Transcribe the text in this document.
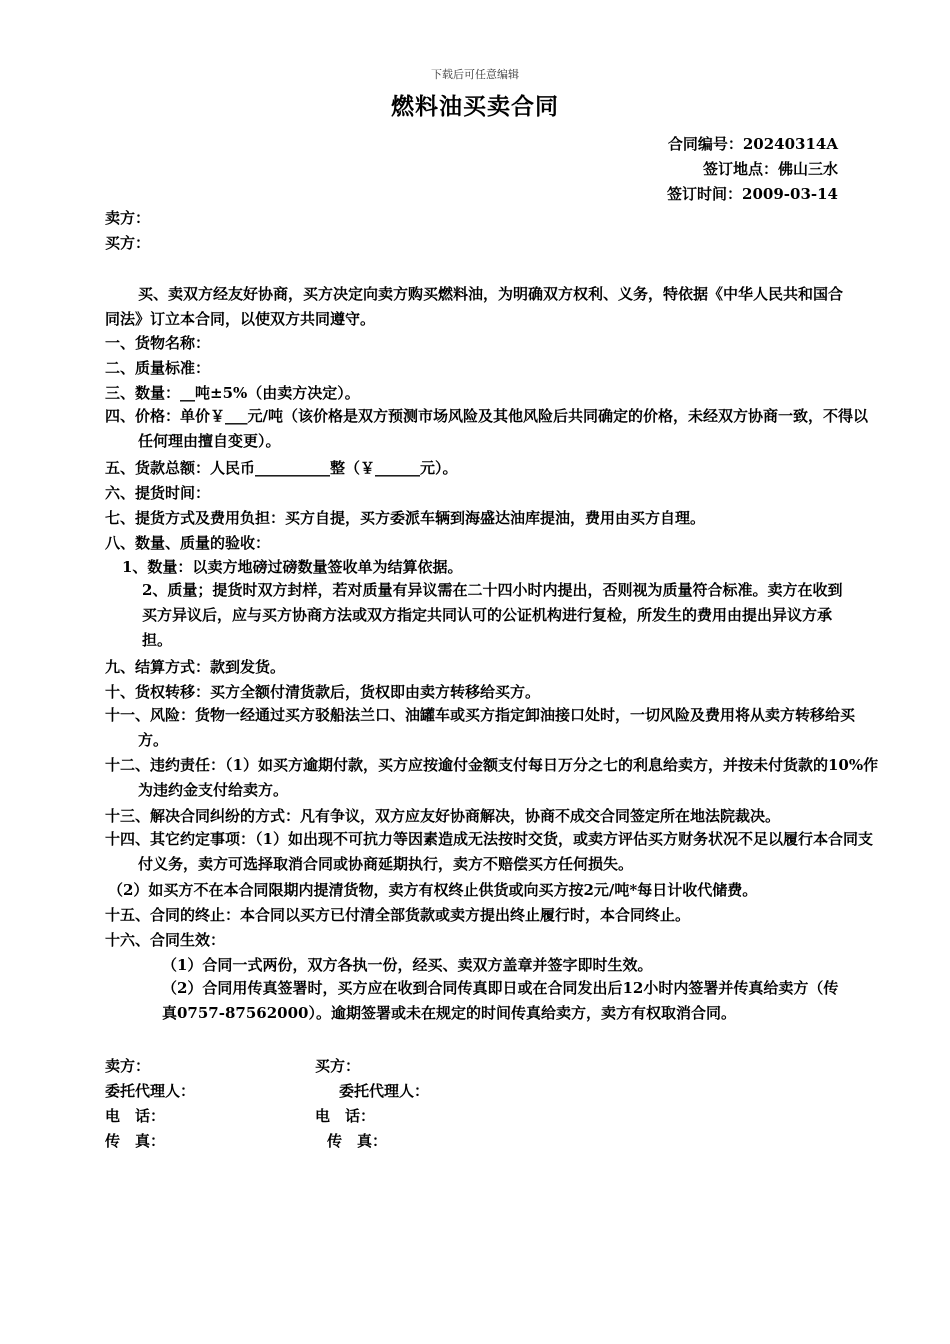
下载后可任意编辑
燃料油买卖合同
合同编号：20240314A
签订地点：佛山三水
签订时间：2009-03-14
卖方：
买方：
买、卖双方经友好协商，买方决定向卖方购买燃料油，为明确双方权利、义务，特依据《中华人民共和国合同法》订立本合同，以使双方共同遵守。
一、货物名称：
二、质量标准：
三、数量：__吨±5%（由卖方决定）。
四、价格：单价￥___元/吨（该价格是双方预测市场风险及其他风险后共同确定的价格，未经双方协商一致，不得以任何理由擅自变更）。
五、货款总额：人民币__________整（￥______元）。
六、提货时间：
七、提货方式及费用负担：买方自提，买方委派车辆到海盛达油库提油，费用由买方自理。
八、数量、质量的验收：
1、数量：以卖方地磅过磅数量签收单为结算依据。
2、质量；提货时双方封样，若对质量有异议需在二十四小时内提出，否则视为质量符合标准。卖方在收到买方异议后，应与买方协商方法或双方指定共同认可的公证机构进行复检，所发生的费用由提出异议方承担。
九、结算方式：款到发货。
十、货权转移：买方全额付清货款后，货权即由卖方转移给买方。
十一、风险：货物一经通过买方驳船法兰口、油罐车或买方指定卸油接口处时，一切风险及费用将从卖方转移给买方。
十二、违约责任：（1）如买方逾期付款，买方应按逾付金额支付每日万分之七的利息给卖方，并按未付货款的10%作为违约金支付给卖方。
十三、解决合同纠纷的方式：凡有争议，双方应友好协商解决，协商不成交合同签定所在地法院裁决。
十四、其它约定事项：（1）如出现不可抗力等因素造成无法按时交货，或卖方评估买方财务状况不足以履行本合同支付义务，卖方可选择取消合同或协商延期执行，卖方不赔偿买方任何损失。
（2）如买方不在本合同限期内提清货物，卖方有权终止供货或向买方按2元/吨*每日计收代储费。
十五、合同的终止：本合同以买方已付清全部货款或卖方提出终止履行时，本合同终止。
十六、合同生效：
（1）合同一式两份，双方各执一份，经买、卖双方盖章并签字即时生效。
（2）合同用传真签署时，买方应在收到合同传真即日或在合同发出后12小时内签署并传真给卖方（传真0757-87562000）。逾期签署或未在规定的时间传真给卖方，卖方有权取消合同。
卖方：	买方：
委托代理人：	委托代理人：
电　话：	电　话：
传　真：	传　真：
